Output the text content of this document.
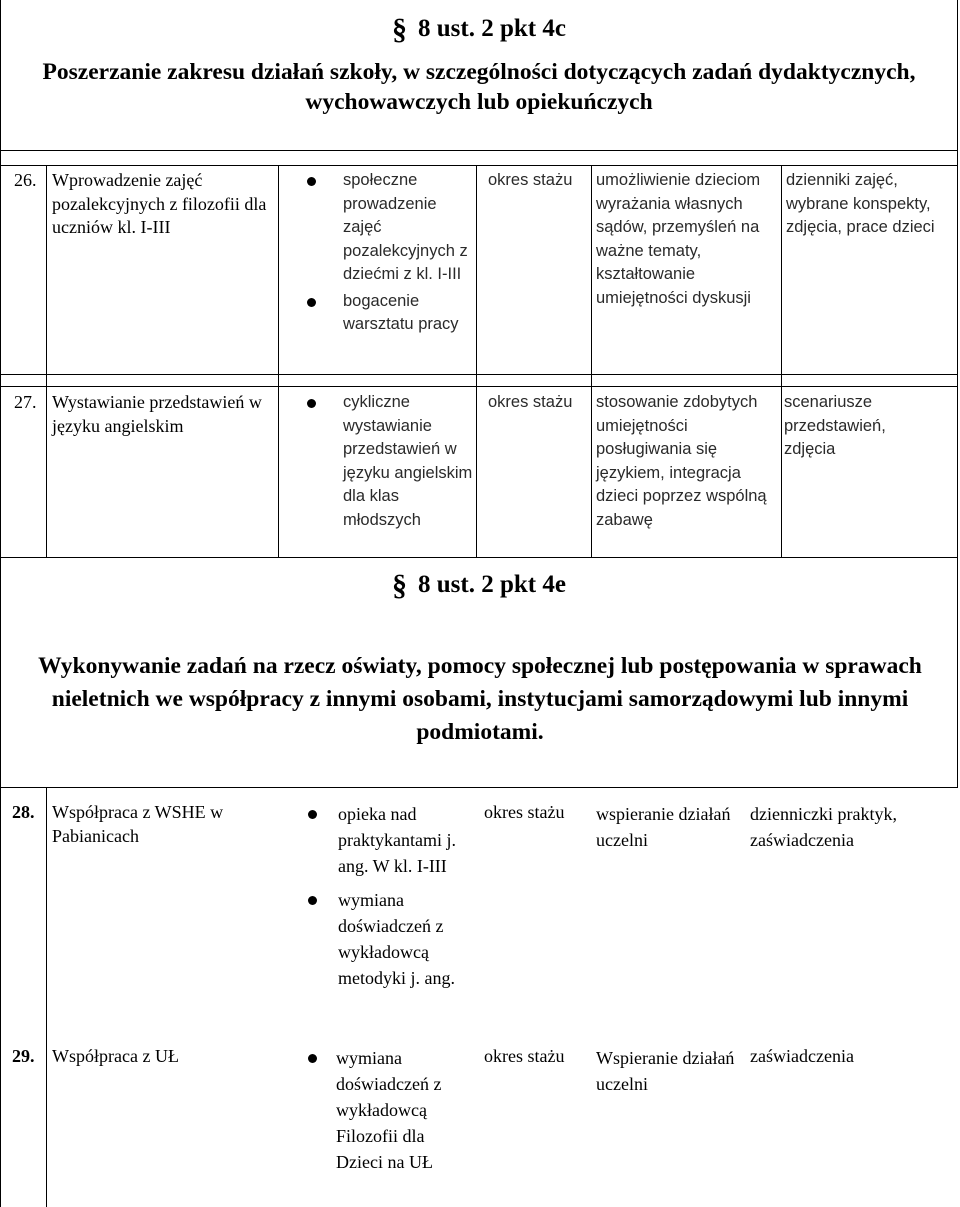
§ 8 ust. 2 pkt 4c
Poszerzanie zakresu działań szkoły, w szczególności dotyczących zadań dydaktycznych, wychowawczych lub opiekuńczych
26. Wprowadzenie zajęć pozalekcyjnych z filozofii dla uczniów kl. I-III
społeczne prowadzenie zajęć pozalekcyjnych z dziećmi z kl. I-III
bogacenie warsztatu pracy
okres stażu umożliwienie dzieciom wyrażania własnych sądów, przemyśleń na ważne tematy, kształtowanie umiejętności dyskusji
dzienniki zajęć, wybrane konspekty, zdjęcia, prace dzieci
27. Wystawianie przedstawień w języku angielskim
cykliczne wystawianie przedstawień w języku angielskim dla klas młodszych
okres stażu stosowanie zdobytych umiejętności posługiwania się językiem, integracja dzieci poprzez wspólną zabawę
scenariusze przedstawień, zdjęcia
§ 8 ust. 2 pkt 4e
Wykonywanie zadań na rzecz oświaty, pomocy społecznej lub postępowania w sprawach nieletnich we współpracy z innymi osobami, instytucjami samorządowymi lub innymi podmiotami.
28. Współpraca z WSHE w Pabianicach
opieka nad praktykantami j. ang. W kl. I-III
wymiana doświadczeń z wykładowcą metodyki j. ang.
okres stażu wspieranie działań uczelni
dzienniczki praktyk, zaświadczenia
29. Współpraca z UŁ	wymiana doświadczeń z wykładowcą Filozofii dla Dzieci na UŁ
okres stażu Wspieranie działań uczelni
zaświadczenia
